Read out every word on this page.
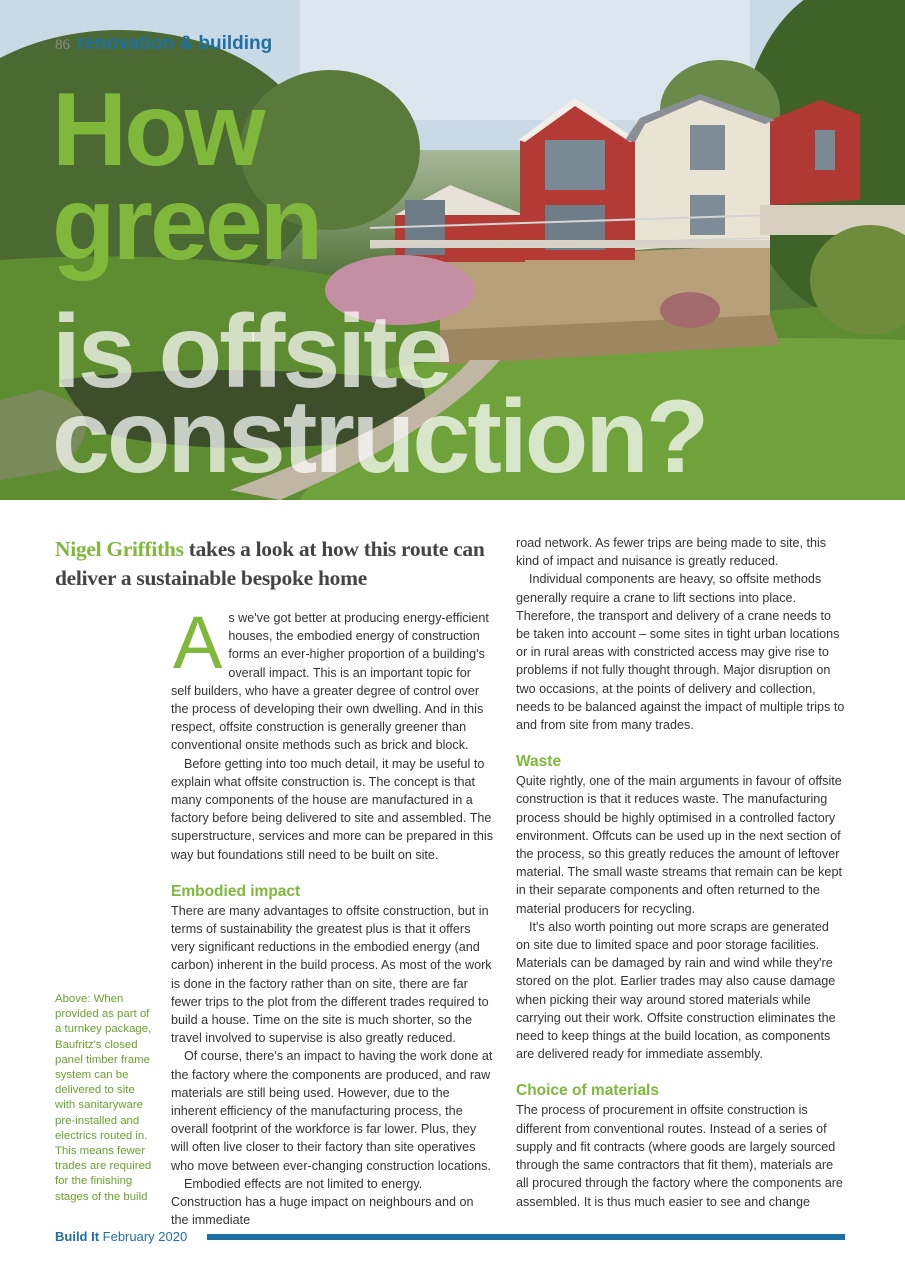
86 renovation & building
How
green
is offsite
construction?
Nigel Griffiths takes a look at how this route can deliver a sustainable bespoke home

Above: When provided as part of a turnkey package, Baufritz's closed panel timber frame system can be delivered to site with sanitaryware pre-installed and electrics routed in. This means fewer trades are required for the finishing stages of the build

As we've got better at producing energy-efficient houses, the embodied energy of construction forms an ever-higher proportion of a building's overall impact. This is an important topic for self builders, who have a greater degree of control over the process of developing their own dwelling. And in this respect, offsite construction is generally greener than conventional onsite methods such as brick and block.

Before getting into too much detail, it may be useful to explain what offsite construction is. The concept is that many components of the house are manufactured in a factory before being delivered to site and assembled. The superstructure, services and more can be prepared in this way but foundations still need to be built on site.

Embodied impact

There are many advantages to offsite construction, but in terms of sustainability the greatest plus is that it offers very significant reductions in the embodied energy (and carbon) inherent in the build process. As most of the work is done in the factory rather than on site, there are far fewer trips to the plot from the different trades required to build a house. Time on the site is much shorter, so the travel involved to supervise is also greatly reduced.

Of course, there's an impact to having the work done at the factory where the components are produced, and raw materials are still being used. However, due to the inherent efficiency of the manufacturing process, the overall footprint of the workforce is far lower. Plus, they will often live closer to their factory than site operatives who move between ever-changing construction locations.

Embodied effects are not limited to energy. Construction has a huge impact on neighbours and on the immediate

road network. As fewer trips are being made to site, this kind of impact and nuisance is greatly reduced.

Individual components are heavy, so offsite methods generally require a crane to lift sections into place. Therefore, the transport and delivery of a crane needs to be taken into account – some sites in tight urban locations or in rural areas with constricted access may give rise to problems if not fully thought through. Major disruption on two occasions, at the points of delivery and collection, needs to be balanced against the impact of multiple trips to and from site from many trades.

Waste

Quite rightly, one of the main arguments in favour of offsite construction is that it reduces waste. The manufacturing process should be highly optimised in a controlled factory environment. Offcuts can be used up in the next section of the process, so this greatly reduces the amount of leftover material. The small waste streams that remain can be kept in their separate components and often returned to the material producers for recycling.

It's also worth pointing out more scraps are generated on site due to limited space and poor storage facilities. Materials can be damaged by rain and wind while they're stored on the plot. Earlier trades may also cause damage when picking their way around stored materials while carrying out their work. Offsite construction eliminates the need to keep things at the build location, as components are delivered ready for immediate assembly.

Choice of materials

The process of procurement in offsite construction is different from conventional routes. Instead of a series of supply and fit contracts (where goods are largely sourced through the same contractors that fit them), materials are all procured through the factory where the components are assembled. It is thus much easier to see and change

Build It February 2020
